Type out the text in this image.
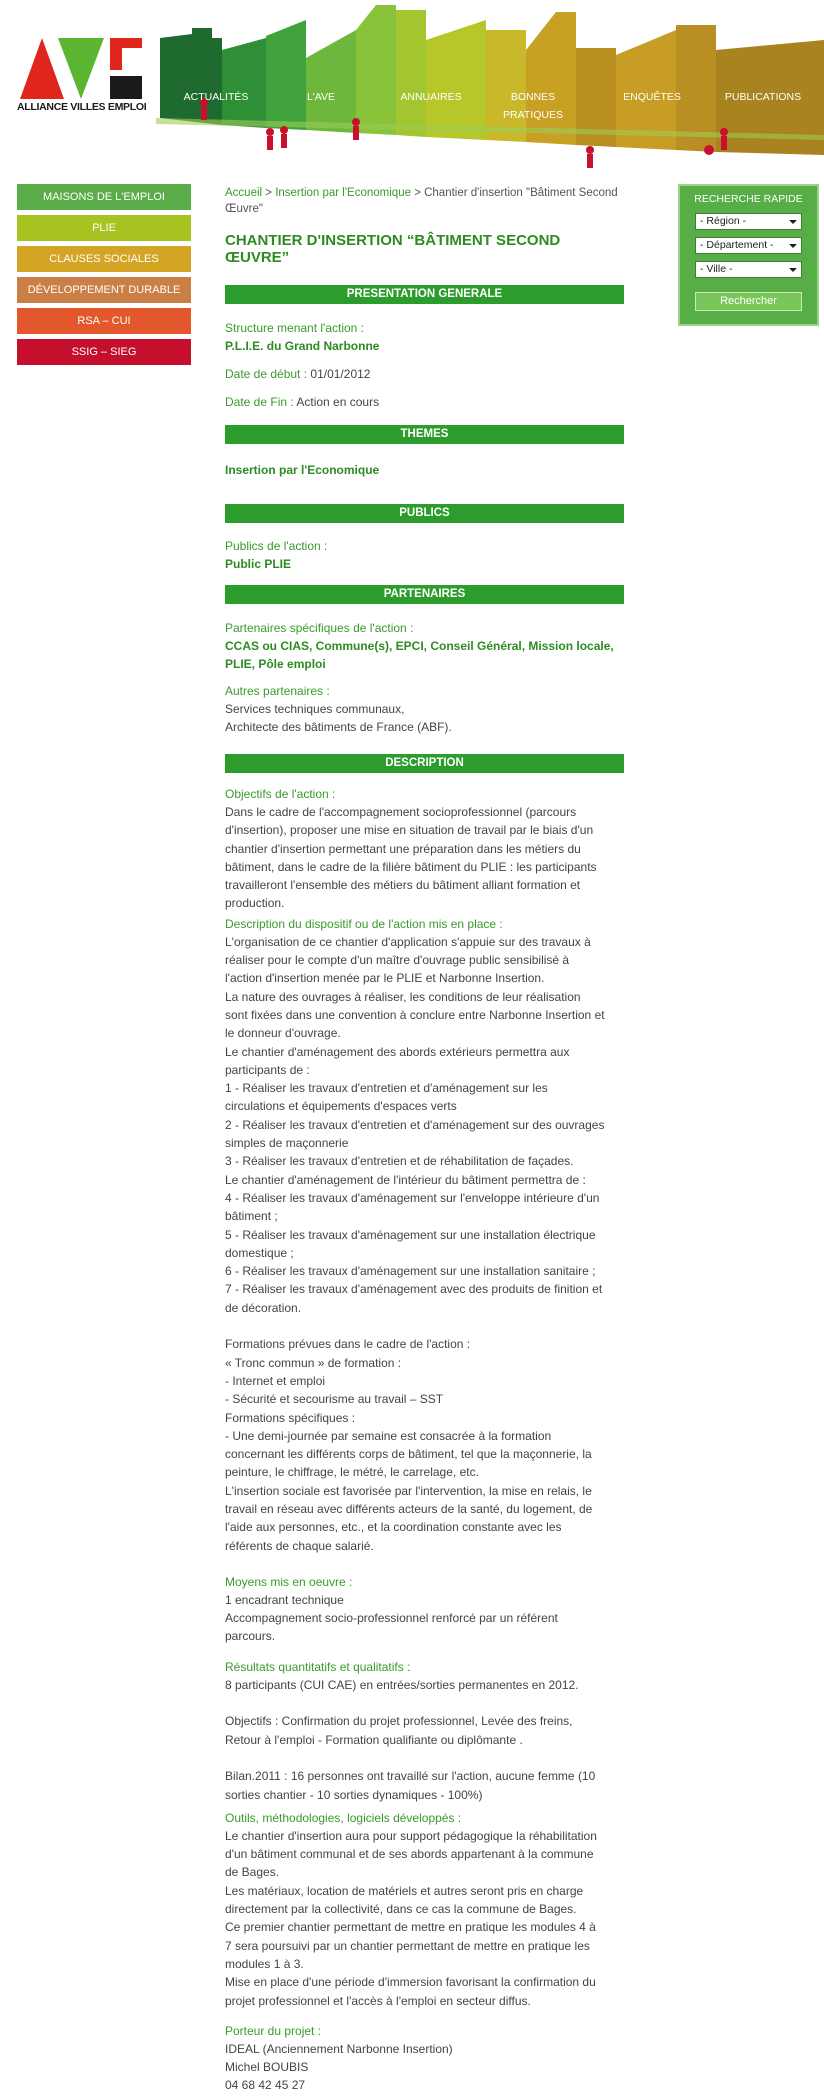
ALLIANCE VILLES EMPLOI
ACTUALITÉS	L'AVE	ANNUAIRES	BONNES PRATIQUES
ENQUÊTES	PUBLICATIONS
MAISONS DE L'EMPLOI
PLIE
CLAUSES SOCIALES
DÉVELOPPEMENT DURABLE
RSA – CUI
SSIG – SIEG
RECHERCHE RAPIDE
- Région -
- Département -
- Ville -
Rechercher
Accueil > Insertion par l'Economique > Chantier d'insertion "Bâtiment Second Œuvre"
CHANTIER D'INSERTION “BÂTIMENT SECOND ŒUVRE”
PRESENTATION GENERALE
Structure menant l'action :
P.L.I.E. du Grand Narbonne
Date de début : 01/01/2012
Date de Fin : Action en cours
THEMES
Insertion par l'Economique
PUBLICS
Publics de l'action :
Public PLIE
PARTENAIRES
Partenaires spécifiques de l'action :
CCAS ou CIAS, Commune(s), EPCI, Conseil Général, Mission locale,
PLIE, Pôle emploi
Autres partenaires :
Services techniques communaux,
Architecte des bâtiments de France (ABF).
DESCRIPTION
Objectifs de l'action :
Dans le cadre de l'accompagnement socioprofessionnel (parcours
d'insertion), proposer une mise en situation de travail par le biais d'un
chantier d'insertion permettant une préparation dans les métiers du
bâtiment, dans le cadre de la filière bâtiment du PLIE : les participants
travailleront l'ensemble des métiers du bâtiment alliant formation et
production.
Description du dispositif ou de l'action mis en place :
L'organisation de ce chantier d'application s'appuie sur des travaux à
réaliser pour le compte d'un maître d'ouvrage public sensibilisé à
l'action d'insertion menée par le PLIE et Narbonne Insertion.
La nature des ouvrages à réaliser, les conditions de leur réalisation
sont fixées dans une convention à conclure entre Narbonne Insertion et
le donneur d'ouvrage.
Le chantier d'aménagement des abords extérieurs permettra aux
participants de :
1 - Réaliser les travaux d'entretien et d'aménagement sur les
circulations et équipements d'espaces verts
2 - Réaliser les travaux d'entretien et d'aménagement sur des ouvrages
simples de maçonnerie
3 - Réaliser les travaux d'entretien et de réhabilitation de façades.
Le chantier d'aménagement de l'intérieur du bâtiment permettra de :
4 - Réaliser les travaux d'aménagement sur l'enveloppe intérieure d'un
bâtiment ;
5 - Réaliser les travaux d'aménagement sur une installation électrique
domestique ;
6 - Réaliser les travaux d'aménagement sur une installation sanitaire ;
7 - Réaliser les travaux d'aménagement avec des produits de finition et
de décoration.

Formations prévues dans le cadre de l'action :
« Tronc commun » de formation :
- Internet et emploi
- Sécurité et secourisme au travail – SST
Formations spécifiques :
- Une demi-journée par semaine est consacrée à la formation
concernant les différents corps de bâtiment, tel que la maçonnerie, la
peinture, le chiffrage, le métré, le carrelage, etc.
L'insertion sociale est favorisée par l'intervention, la mise en relais, le
travail en réseau avec différents acteurs de la santé, du logement, de
l'aide aux personnes, etc., et la coordination constante avec les
référents de chaque salarié.
Moyens mis en oeuvre :
1 encadrant technique
Accompagnement socio-professionnel renforcé par un référent
parcours.
Résultats quantitatifs et qualitatifs :
8 participants (CUI CAE) en entrées/sorties permanentes en 2012.

Objectifs : Confirmation du projet professionnel, Levée des freins,
Retour à l'emploi - Formation qualifiante ou diplômante .

Bilan.2011 : 16 personnes ont travaillé sur l'action, aucune femme (10
sorties chantier - 10 sorties dynamiques - 100%)
Outils, méthodologies, logiciels développés :
Le chantier d'insertion aura pour support pédagogique la réhabilitation
d'un bâtiment communal et de ses abords appartenant à la commune
de Bages.
Les matériaux, location de matériels et autres seront pris en charge
directement par la collectivité, dans ce cas la commune de Bages.
Ce premier chantier permettant de mettre en pratique les modules 4 à
7 sera poursuivi par un chantier permettant de mettre en pratique les
modules 1 à 3.
Mise en place d'une période d'immersion favorisant la confirmation du
projet professionnel et l'accès à l'emploi en secteur diffus.
Porteur du projet :
IDEAL (Anciennement Narbonne Insertion)
Michel BOUBIS
04 68 42 45 27
